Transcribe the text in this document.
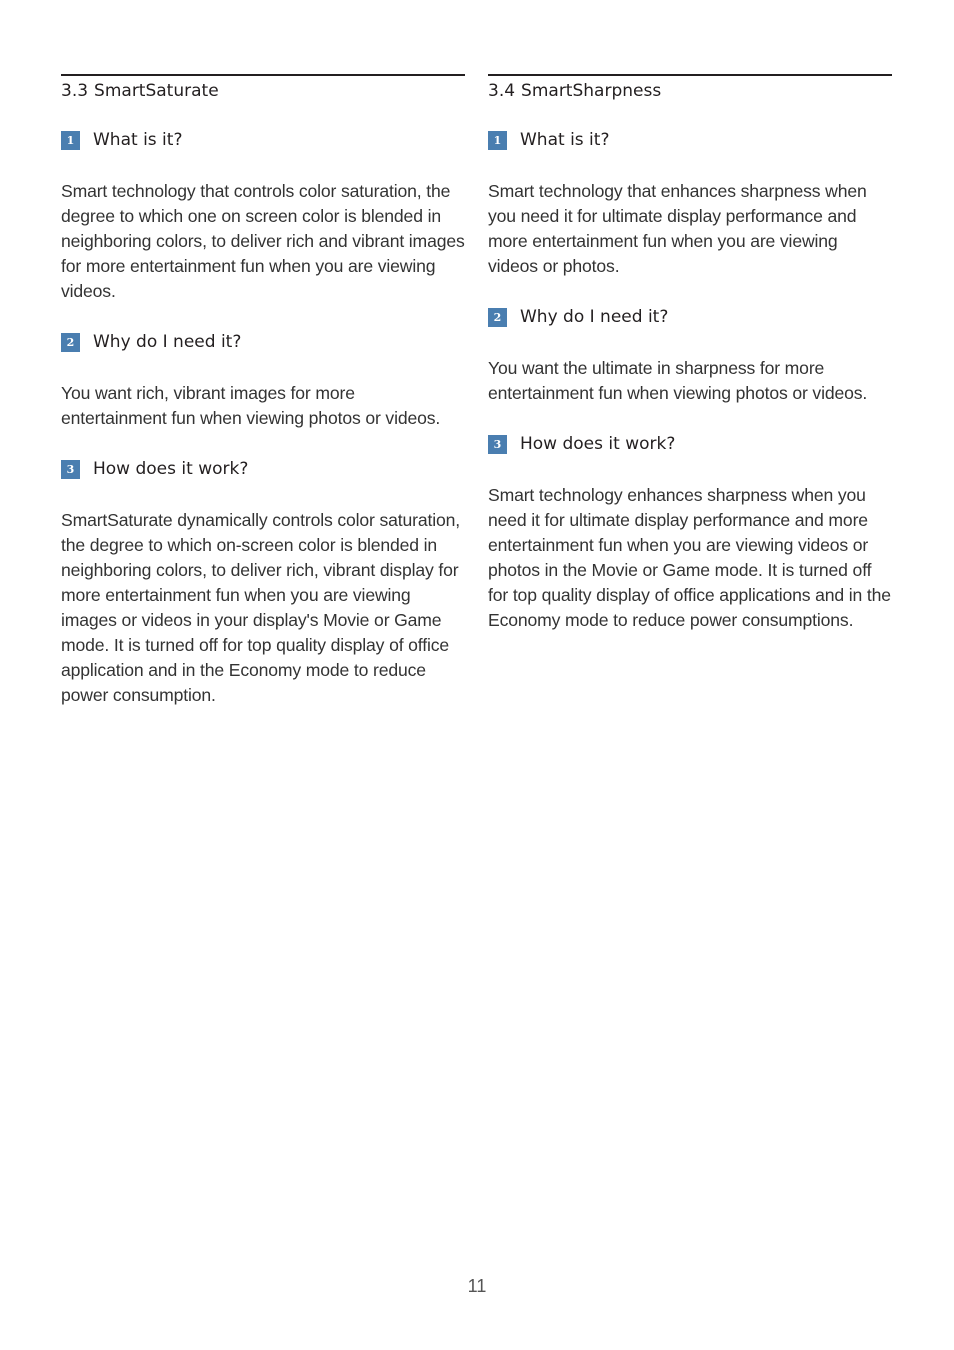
3.3 SmartSaturate
1	What is it?

Smart technology that controls color saturation, the degree to which one on screen color is blended in neighboring colors, to deliver rich and vibrant images for more entertainment fun when you are viewing videos.

2	Why do I need it?

You want rich, vibrant images for more entertainment fun when viewing photos or videos.

3	How does it work?

SmartSaturate dynamically controls color saturation, the degree to which on-screen color is blended in neighboring colors, to deliver rich, vibrant display for more entertainment fun when you are viewing images or videos in your display's Movie or Game mode. It is turned off for top quality display of office application and in the Economy mode to reduce power consumption.

3.4 SmartSharpness
1	What is it?

Smart technology that enhances sharpness when you need it for ultimate display performance and more entertainment fun when you are viewing videos or photos.

2	Why do I need it?

You want the ultimate in sharpness for more entertainment fun when viewing photos or videos.

3	How does it work?

Smart technology enhances sharpness when you need it for ultimate display performance and more entertainment fun when you are viewing videos or photos in the Movie or Game mode. It is turned off for top quality display of office applications and in the Economy mode to reduce power consumptions.

11
